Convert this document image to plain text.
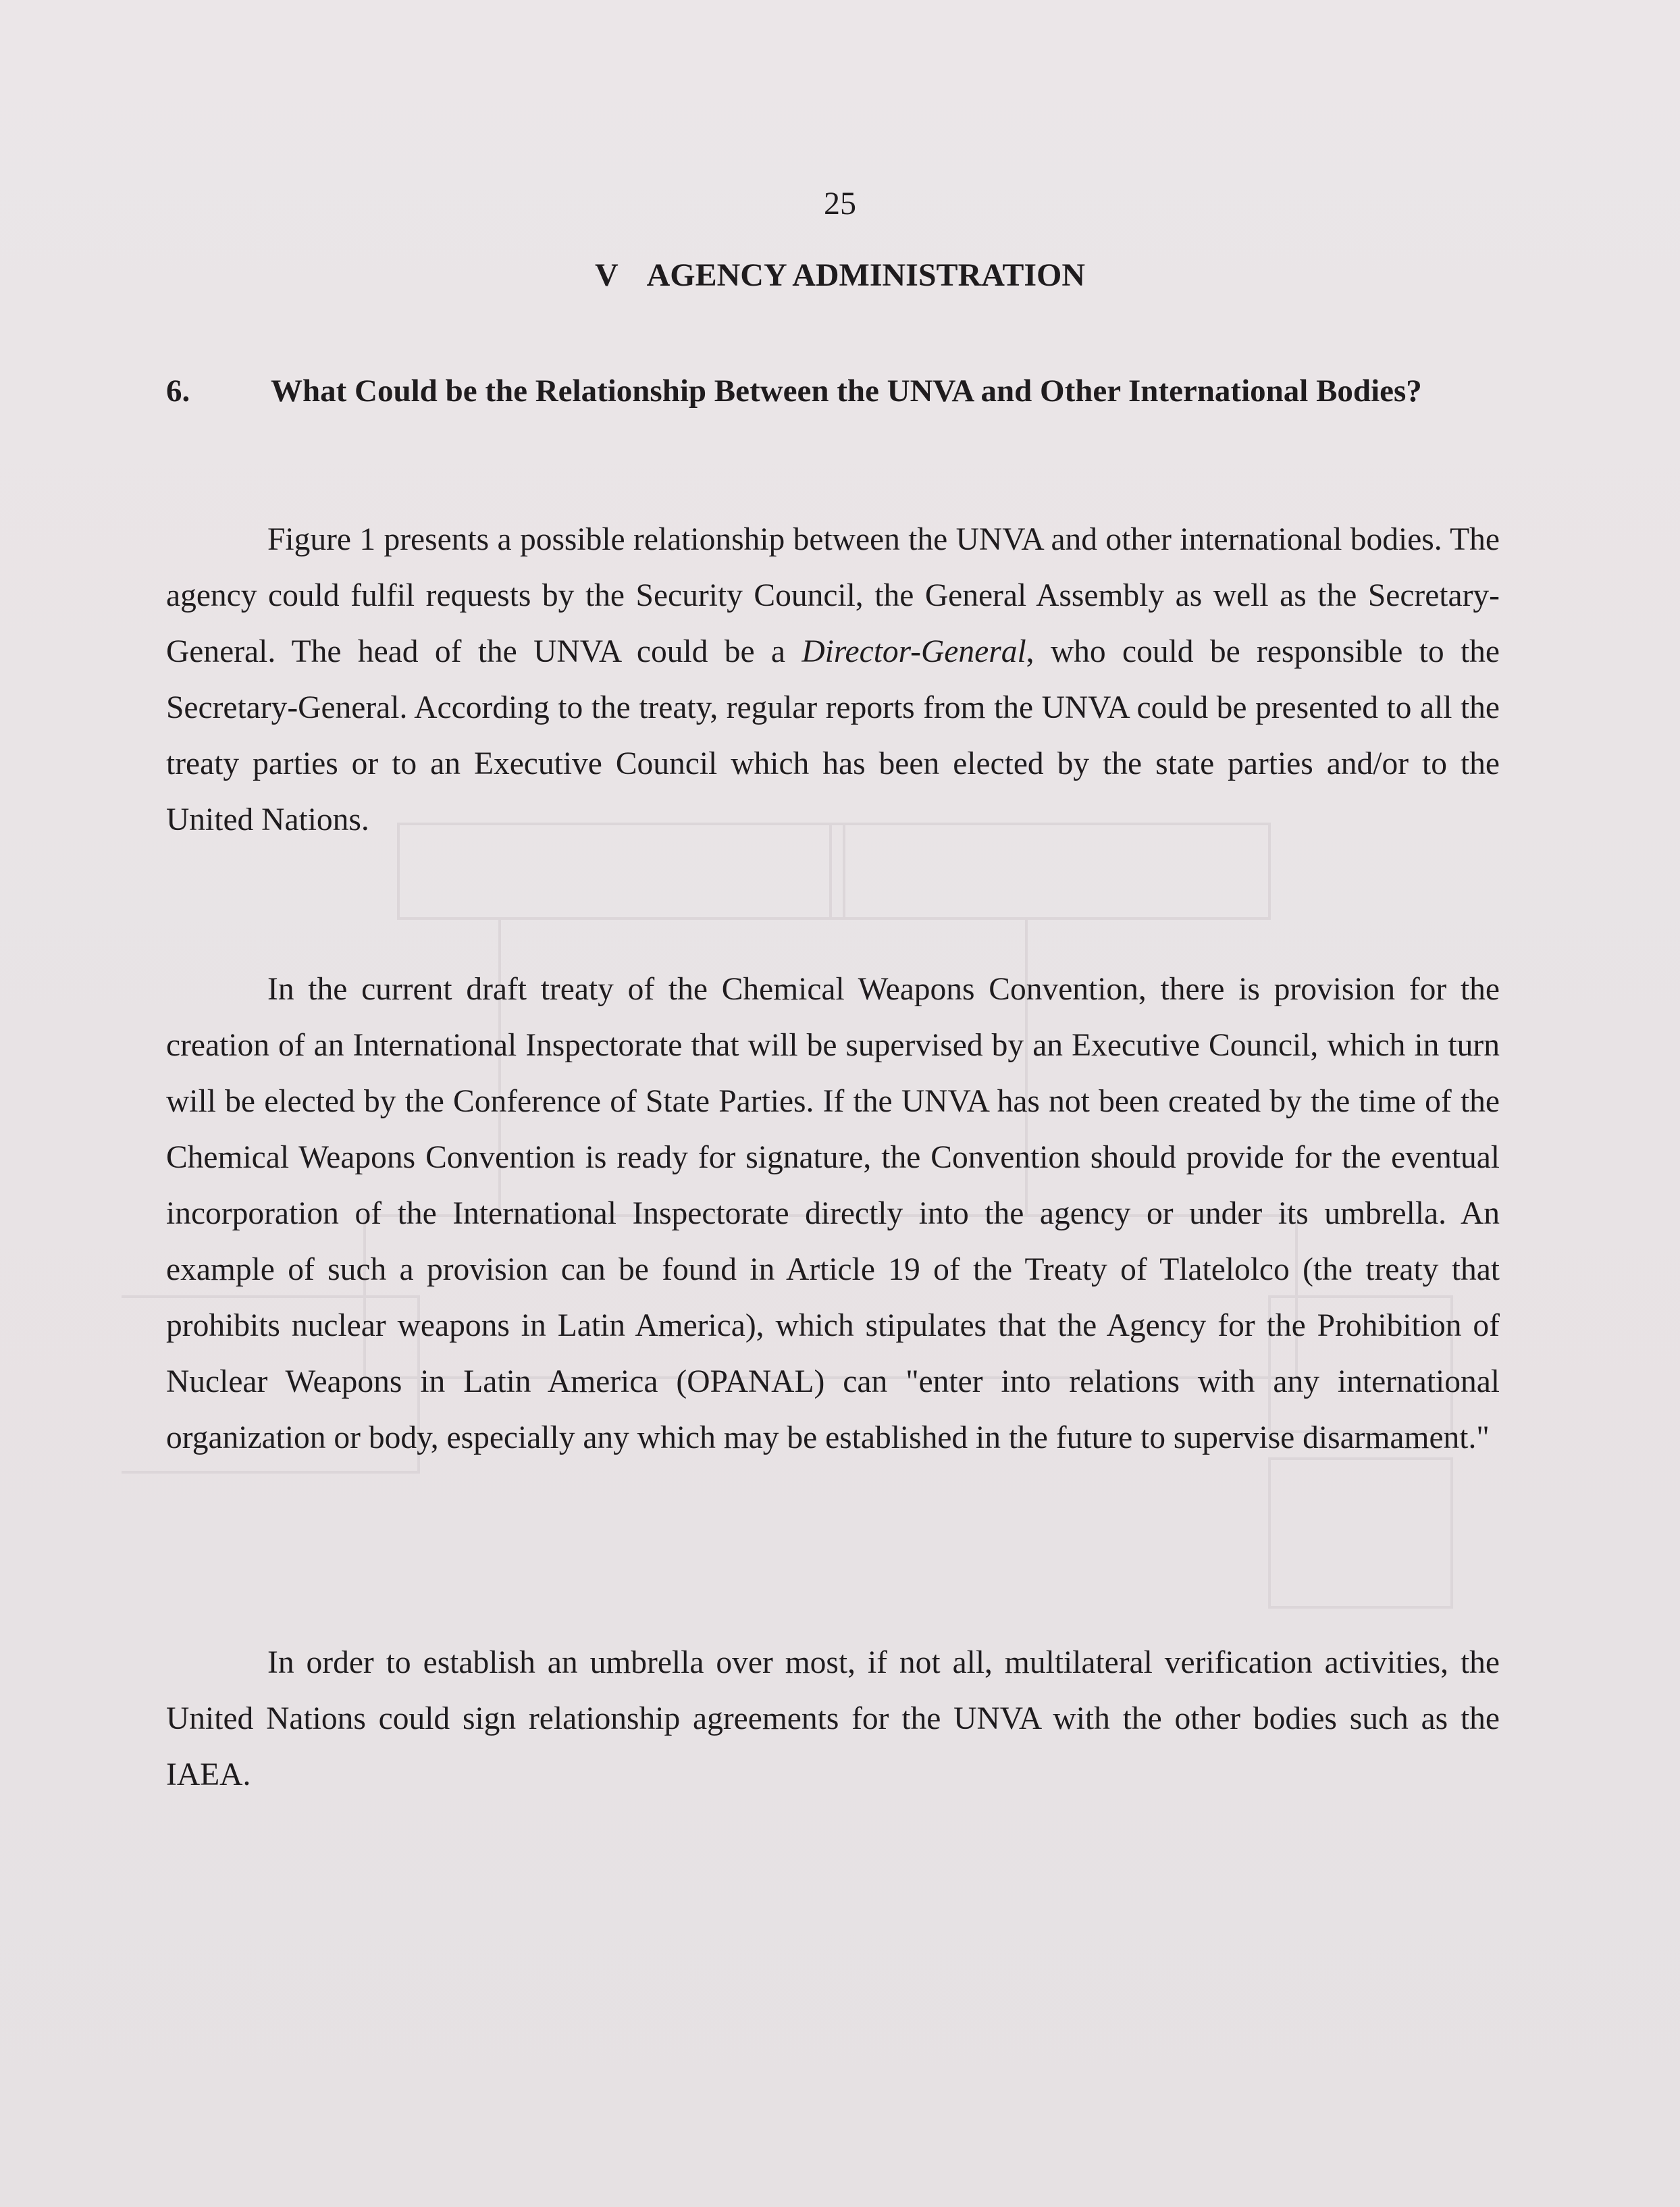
25
V AGENCY ADMINISTRATION
6.	What Could be the Relationship Between the UNVA and Other International Bodies?

Figure 1 presents a possible relationship between the UNVA and other international bodies. The agency could fulfil requests by the Security Council, the General Assembly as well as the Secretary-General. The head of the UNVA could be a Director-General, who could be responsible to the Secretary-General. According to the treaty, regular reports from the UNVA could be presented to all the treaty parties or to an Executive Council which has been elected by the state parties and/or to the United Nations.

In the current draft treaty of the Chemical Weapons Convention, there is provision for the creation of an International Inspectorate that will be supervised by an Executive Council, which in turn will be elected by the Conference of State Parties. If the UNVA has not been created by the time of the Chemical Weapons Convention is ready for signature, the Convention should provide for the eventual incorporation of the International Inspectorate directly into the agency or under its umbrella. An example of such a provision can be found in Article 19 of the Treaty of Tlatelolco (the treaty that prohibits nuclear weapons in Latin America), which stipulates that the Agency for the Prohibition of Nuclear Weapons in Latin America (OPANAL) can "enter into relations with any international organization or body, especially any which may be established in the future to supervise disarmament."

In order to establish an umbrella over most, if not all, multilateral verification activities, the United Nations could sign relationship agreements for the UNVA with the other bodies such as the IAEA.
